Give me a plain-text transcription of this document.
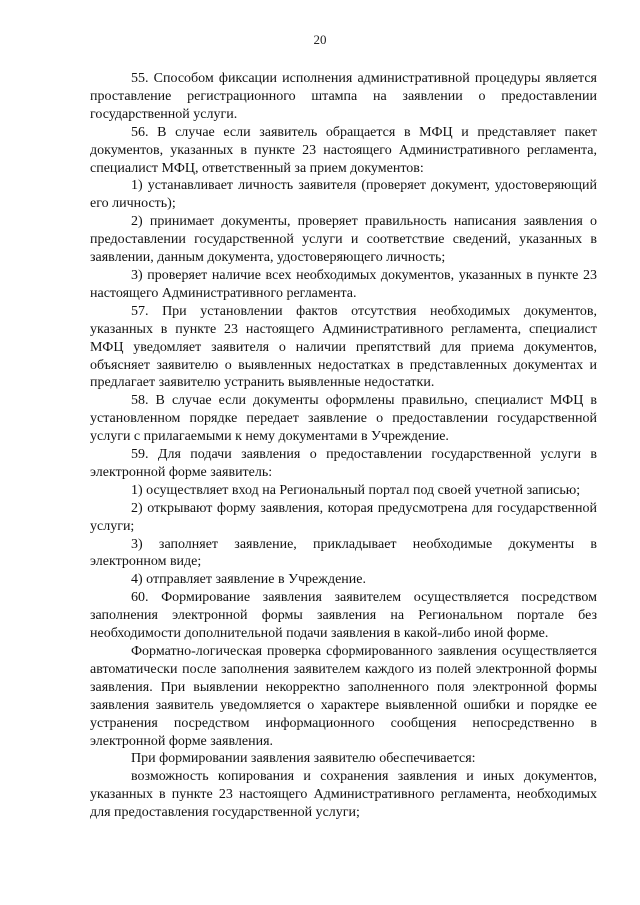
20

55. Способом фиксации исполнения административной процедуры является проставление регистрационного штампа на заявлении о предоставлении государственной услуги.

56. В случае если заявитель обращается в МФЦ и представляет пакет документов, указанных в пункте 23 настоящего Административного регламента, специалист МФЦ, ответственный за прием документов:

1) устанавливает личность заявителя (проверяет документ, удостоверяющий его личность);

2) принимает документы, проверяет правильность написания заявления о предоставлении государственной услуги и соответствие сведений, указанных в заявлении, данным документа, удостоверяющего личность;

3) проверяет наличие всех необходимых документов, указанных в пункте 23 настоящего Административного регламента.

57. При установлении фактов отсутствия необходимых документов, указанных в пункте 23 настоящего Административного регламента, специалист МФЦ уведомляет заявителя о наличии препятствий для приема документов, объясняет заявителю о выявленных недостатках в представленных документах и предлагает заявителю устранить выявленные недостатки.

58. В случае если документы оформлены правильно, специалист МФЦ в установленном порядке передает заявление о предоставлении государственной услуги с прилагаемыми к нему документами в Учреждение.

59. Для подачи заявления о предоставлении государственной услуги в электронной форме заявитель:

1) осуществляет вход на Региональный портал под своей учетной записью;

2) открывают форму заявления, которая предусмотрена для государственной услуги;

3) заполняет заявление, прикладывает необходимые документы в электронном виде;

4) отправляет заявление в Учреждение.

60. Формирование заявления заявителем осуществляется посредством заполнения электронной формы заявления на Региональном портале без необходимости дополнительной подачи заявления в какой-либо иной форме.

Форматно-логическая проверка сформированного заявления осуществляется автоматически после заполнения заявителем каждого из полей электронной формы заявления. При выявлении некорректно заполненного поля электронной формы заявления заявитель уведомляется о характере выявленной ошибки и порядке ее устранения посредством информационного сообщения непосредственно в электронной форме заявления.

При формировании заявления заявителю обеспечивается:

возможность копирования и сохранения заявления и иных документов, указанных в пункте 23 настоящего Административного регламента, необходимых для предоставления государственной услуги;
